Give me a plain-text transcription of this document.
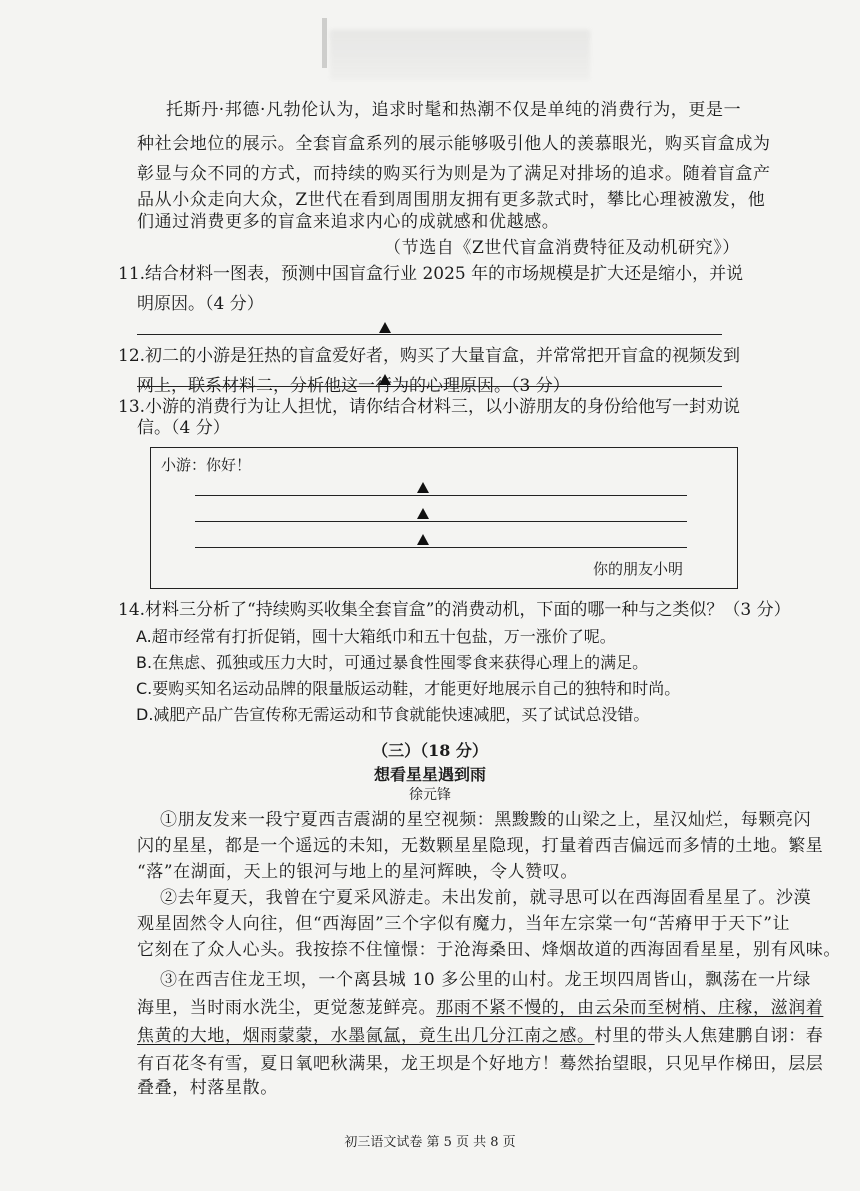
托斯丹·邦德·凡勃伦认为，追求时髦和热潮不仅是单纯的消费行为，更是一

种社会地位的展示。全套盲盒系列的展示能够吸引他人的羡慕眼光，购买盲盒成为

彰显与众不同的方式，而持续的购买行为则是为了满足对排场的追求。随着盲盒产

品从小众走向大众，Z世代在看到周围朋友拥有更多款式时，攀比心理被激发，他

们通过消费更多的盲盒来追求内心的成就感和优越感。

（节选自《Z世代盲盒消费特征及动机研究》）

11.结合材料一图表，预测中国盲盒行业 2025 年的市场规模是扩大还是缩小，并说

明原因。（4 分）

12.初二的小游是狂热的盲盒爱好者，购买了大量盲盒，并常常把开盲盒的视频发到

网上，联系材料二，分析他这一行为的心理原因。（3 分）

13.小游的消费行为让人担忧，请你结合材料三，以小游朋友的身份给他写一封劝说

信。（4 分）

小游：你好！
你的朋友小明

14.材料三分析了“持续购买收集全套盲盒”的消费动机，下面的哪一种与之类似？（3 分）

A.超市经常有打折促销，囤十大箱纸巾和五十包盐，万一涨价了呢。

B.在焦虑、孤独或压力大时，可通过暴食性囤零食来获得心理上的满足。

C.要购买知名运动品牌的限量版运动鞋，才能更好地展示自己的独特和时尚。

D.减肥产品广告宣传称无需运动和节食就能快速减肥，买了试试总没错。

（三）（18 分）

想看星星遇到雨

徐元锋

①朋友发来一段宁夏西吉震湖的星空视频：黑黢黢的山梁之上，星汉灿烂，每颗亮闪

闪的星星，都是一个遥远的未知，无数颗星星隐现，打量着西吉偏远而多情的土地。繁星

“落”在湖面，天上的银河与地上的星河辉映，令人赞叹。

②去年夏天，我曾在宁夏采风游走。未出发前，就寻思可以在西海固看星星了。沙漠

观星固然令人向往，但“西海固”三个字似有魔力，当年左宗棠一句“苦瘠甲于天下”让

它刻在了众人心头。我按捺不住憧憬：于沧海桑田、烽烟故道的西海固看星星，别有风味。

③在西吉住龙王坝，一个离县城 10 多公里的山村。龙王坝四周皆山，飘荡在一片绿

海里，当时雨水洗尘，更觉葱茏鲜亮。那雨不紧不慢的，由云朵而至树梢、庄稼，滋润着

焦黄的大地，烟雨蒙蒙，水墨氤氲，竟生出几分江南之感。村里的带头人焦建鹏自诩：春

有百花冬有雪，夏日氧吧秋满果，龙王坝是个好地方！蓦然抬望眼，只见早作梯田，层层

叠叠，村落星散。

初三语文试卷 第 5 页 共 8 页
